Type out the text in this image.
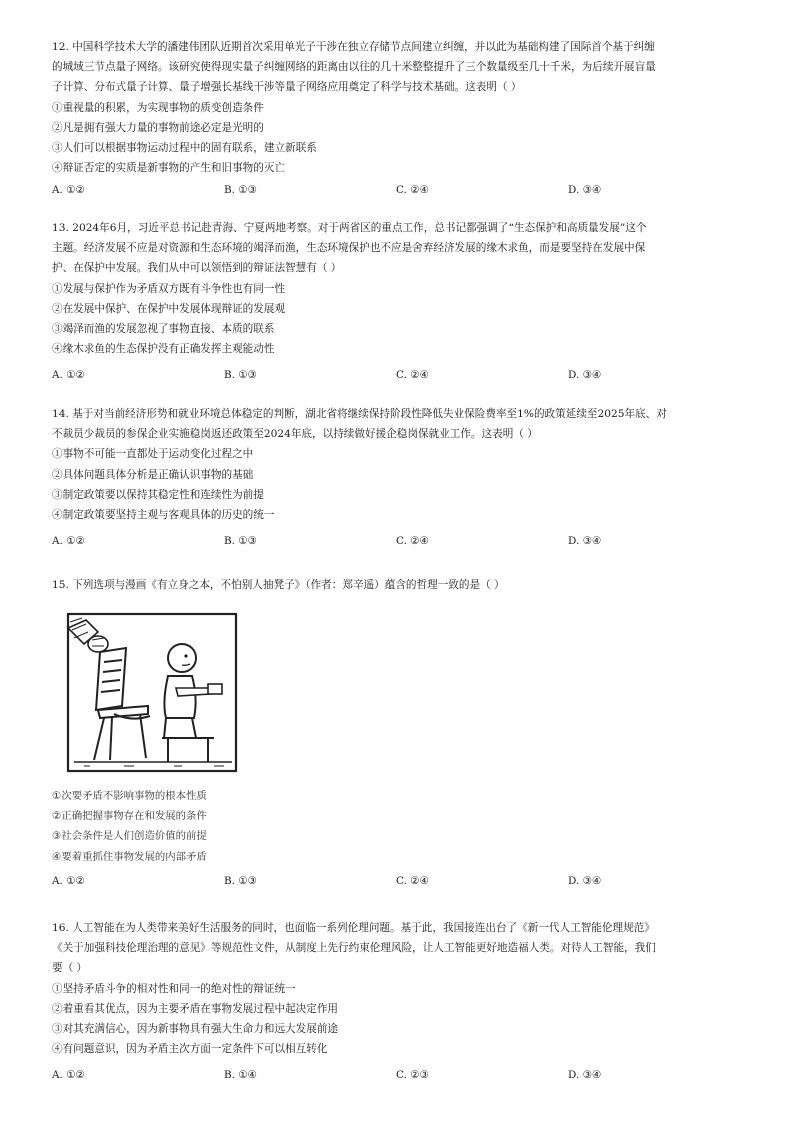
12. 中国科学技术大学的潘建伟团队近期首次采用单光子干涉在独立存储节点间建立纠缠，并以此为基础构建了国际首个基于纠缠

的城域三节点量子网络。该研究使得现实量子纠缠网络的距离由以往的几十米整整提升了三个数量级至几十千米，为后续开展盲量

子计算、分布式量子计算、量子增强长基线干涉等量子网络应用奠定了科学与技术基础。这表明（ ）

①重视量的积累，为实现事物的质变创造条件

②凡是拥有强大力量的事物前途必定是光明的

③人们可以根据事物运动过程中的固有联系，建立新联系

④辩证否定的实质是新事物的产生和旧事物的灭亡

A. ①②	B. ①③	C. ②④	D. ③④

13. 2024年6月，习近平总书记赴青海、宁夏两地考察。对于两省区的重点工作，总书记都强调了“生态保护和高质量发展”这个

主题。经济发展不应是对资源和生态环境的竭泽而渔，生态环境保护也不应是舍弃经济发展的缘木求鱼，而是要坚持在发展中保

护、在保护中发展。我们从中可以领悟到的辩证法智慧有（ ）

①发展与保护作为矛盾双方既有斗争性也有同一性

②在发展中保护、在保护中发展体现辩证的发展观

③竭泽而渔的发展忽视了事物直接、本质的联系

④缘木求鱼的生态保护没有正确发挥主观能动性

A. ①②	B. ①③	C. ②④	D. ③④

14. 基于对当前经济形势和就业环境总体稳定的判断，湖北省将继续保持阶段性降低失业保险费率至1%的政策延续至2025年底、对

不裁员少裁员的参保企业实施稳岗返还政策至2024年底，以持续做好援企稳岗保就业工作。这表明（ ）

①事物不可能一直都处于运动变化过程之中

②具体问题具体分析是正确认识事物的基础

③制定政策要以保持其稳定性和连续性为前提

④制定政策要坚持主观与客观具体的历史的统一

A. ①②	B. ①③	C. ②④	D. ③④

15. 下列选项与漫画《有立身之本，不怕别人抽凳子》（作者：郑辛遥）蕴含的哲理一致的是（ ）

①次要矛盾不影响事物的根本性质

②正确把握事物存在和发展的条件

③社会条件是人们创造价值的前提

④要着重抓住事物发展的内部矛盾

A. ①②	B. ①③	C. ②④	D. ③④

16. 人工智能在为人类带来美好生活服务的同时，也面临一系列伦理问题。基于此，我国接连出台了《新一代人工智能伦理规范》

《关于加强科技伦理治理的意见》等规范性文件，从制度上先行约束伦理风险，让人工智能更好地造福人类。对待人工智能，我们

要（ ）

①坚持矛盾斗争的相对性和同一的绝对性的辩证统一

②着重看其优点，因为主要矛盾在事物发展过程中起决定作用

③对其充满信心，因为新事物具有强大生命力和远大发展前途

④有问题意识，因为矛盾主次方面一定条件下可以相互转化

A. ①②	B. ①④	C. ②③	D. ③④
